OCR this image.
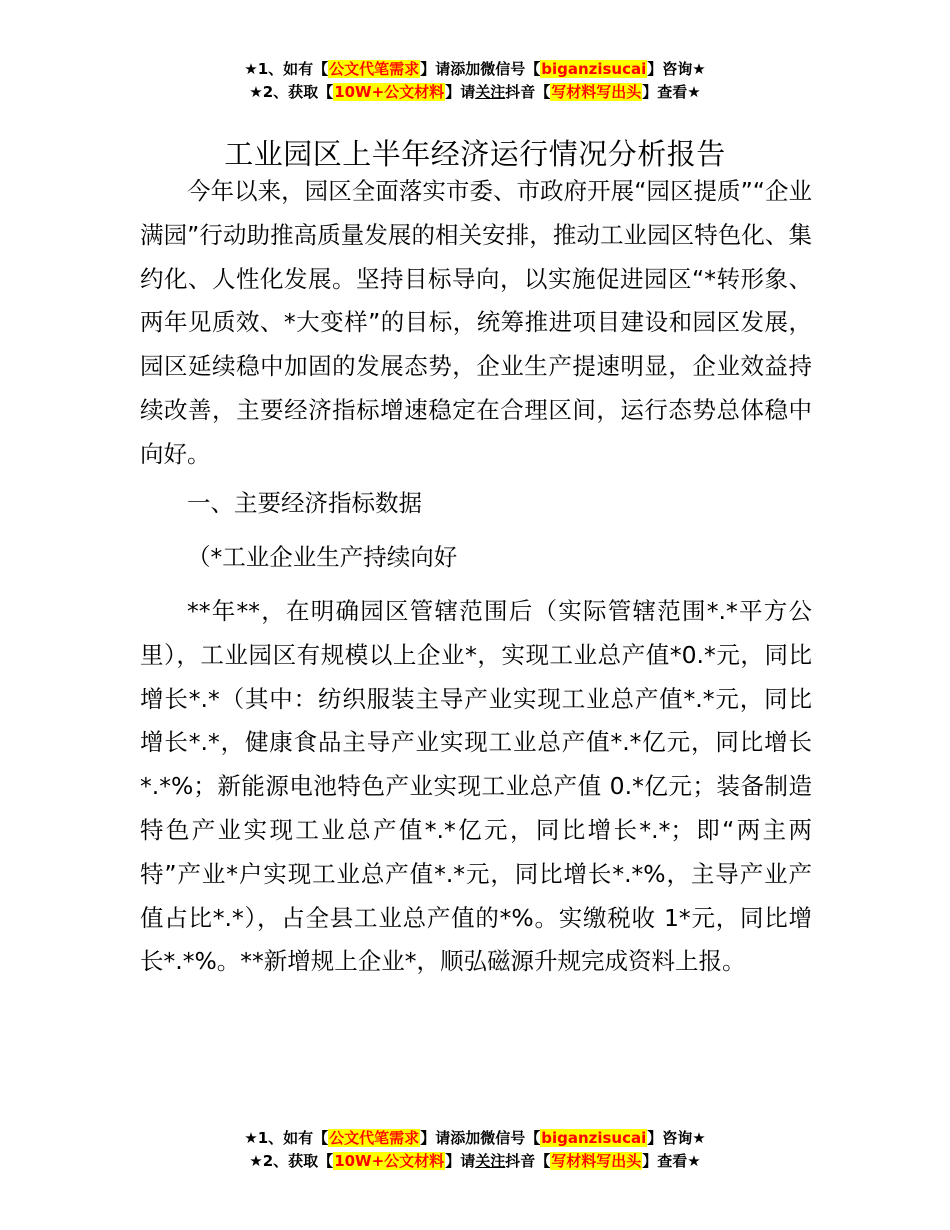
★1、如有【公文代笔需求】请添加微信号【biganzisucai】咨询★
★2、获取【10W+公文材料】请关注抖音【写材料写出头】查看★
工业园区上半年经济运行情况分析报告

今年以来，园区全面落实市委、市政府开展“园区提质”“企业满园”行动助推高质量发展的相关安排，推动工业园区特色化、集约化、人性化发展。坚持目标导向，以实施促进园区“*转形象、两年见质效、*大变样”的目标，统筹推进项目建设和园区发展，园区延续稳中加固的发展态势，企业生产提速明显，企业效益持续改善，主要经济指标增速稳定在合理区间，运行态势总体稳中向好。

一、主要经济指标数据

（*工业企业生产持续向好

**年**，在明确园区管辖范围后（实际管辖范围*.*平方公里），工业园区有规模以上企业*，实现工业总产值*0.*元，同比增长*.*（其中：纺织服装主导产业实现工业总产值*.*元，同比增长*.*，健康食品主导产业实现工业总产值*.*亿元，同比增长*.*%；新能源电池特色产业实现工业总产值 0.*亿元；装备制造特色产业实现工业总产值*.*亿元，同比增长*.*；即“两主两特”产业*户实现工业总产值*.*元，同比增长*.*%，主导产业产值占比*.*），占全县工业总产值的*%。实缴税收 1*元，同比增长*.*%。**新增规上企业*，顺弘磁源升规完成资料上报。

★1、如有【公文代笔需求】请添加微信号【biganzisucai】咨询★
★2、获取【10W+公文材料】请关注抖音【写材料写出头】查看★
